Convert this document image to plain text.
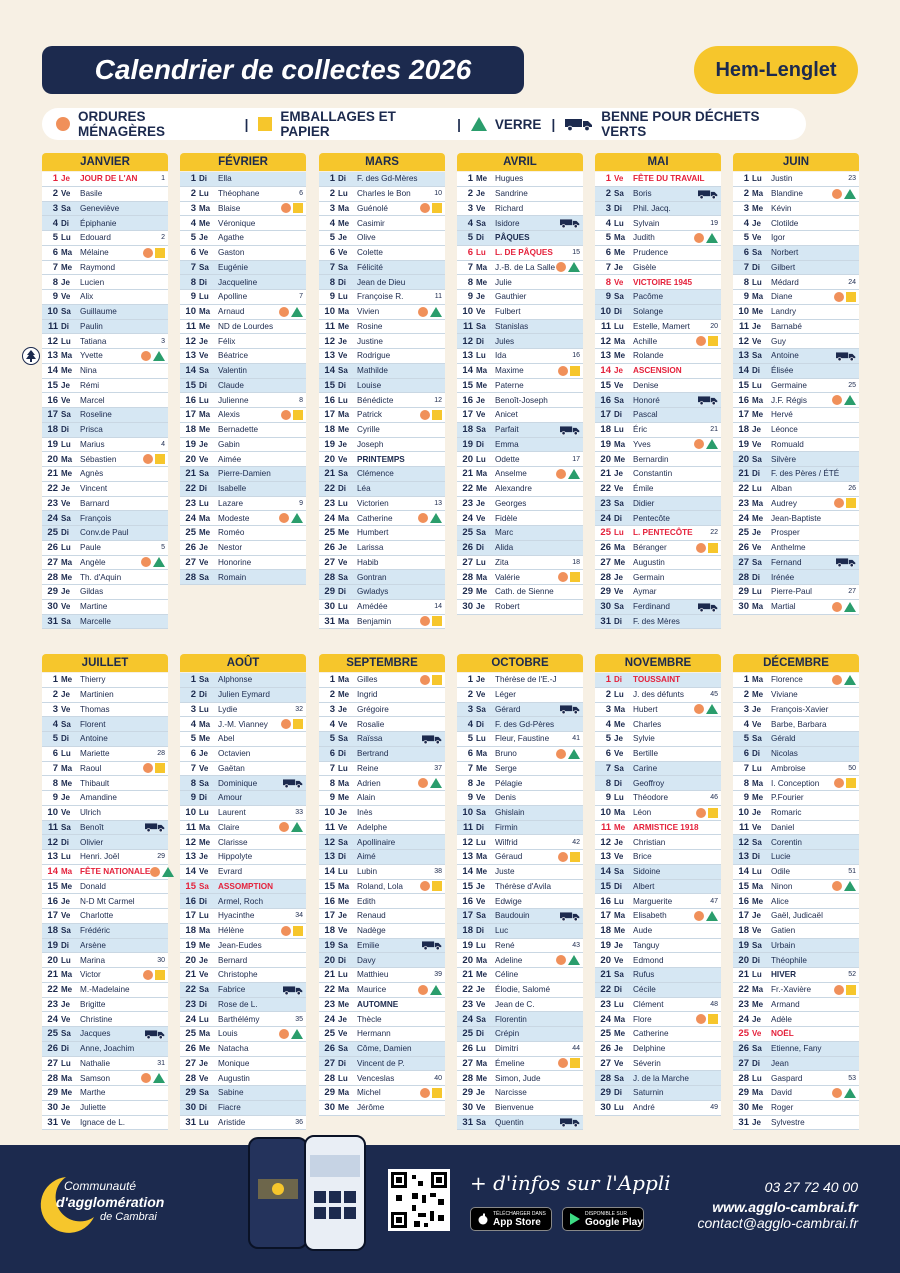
Calendrier de collectes 2026	Hem-Lenglet
ORDURES MÉNAGÈRES	| EMBALLAGES ET PAPIER	|	VERRE |	BENNE POUR DÉCHETS VERTS
JANVIER
1 Je	JOUR DE L'AN	1
2 Ve	Basile
3 Sa	Geneviève
4 Di	Épiphanie
5 Lu	Edouard	2
6 Ma Mélaine
7 Me Raymond
8 Je	Lucien
9 Ve	Alix
10 Sa	Guillaume
11 Di	Paulin
12 Lu	Tatiana	3
13 Ma Yvette
14 Me Nina
15 Je	Rémi
16 Ve	Marcel
17 Sa	Roseline
18 Di	Prisca
19 Lu	Marius	4
20 Ma Sébastien
21 Me Agnès
22 Je	Vincent
23 Ve	Barnard
24 Sa	François
25 Di	Conv.de Paul
26 Lu	Paule	5
27 Ma Angèle
28 Me Th. d'Aquin
29 Je	Gildas
30 Ve	Martine
31 Sa	Marcelle
FÉVRIER
1 Di	Ella
2 Lu	Théophane	6
3 Ma Blaise
4 Me Véronique
5 Je	Agathe
6 Ve	Gaston
7 Sa	Eugénie
8 Di	Jacqueline
9 Lu	Apolline	7
10 Ma Arnaud
11 Me ND de Lourdes
12 Je	Félix
13 Ve	Béatrice
14 Sa	Valentin
15 Di	Claude
16 Lu	Julienne	8
17 Ma Alexis
18 Me Bernadette
19 Je	Gabin
20 Ve	Aimée
21 Sa	Pierre-Damien
22 Di	Isabelle
23 Lu	Lazare	9
24 Ma Modeste
25 Me Roméo
26 Je	Nestor
27 Ve	Honorine
28 Sa	Romain
MARS
1 Di	F. des Gd-Mères
2 Lu	Charles le Bon	10
3 Ma Guénolé
4 Me Casimir
5 Je	Olive
6 Ve	Colette
7 Sa	Félicité
8 Di	Jean de Dieu
9 Lu	Françoise R.	11
10 Ma Vivien
11 Me Rosine
12 Je	Justine
13 Ve	Rodrigue
14 Sa	Mathilde
15 Di	Louise
16 Lu	Bénédicte	12
17 Ma Patrick
18 Me Cyrille
19 Je	Joseph
20 Ve	PRINTEMPS
21 Sa	Clémence
22 Di	Léa
23 Lu	Victorien	13
24 Ma Catherine
25 Me Humbert
26 Je	Larissa
27 Ve	Habib
28 Sa	Gontran
29 Di	Gwladys
30 Lu	Amédée	14
31 Ma Benjamin
AVRIL
1 Me Hugues
2 Je	Sandrine
3 Ve	Richard
4 Sa	Isidore
5 Di	PÂQUES
6 Lu	L. DE PÂQUES	15
7 Ma J.-B. de La Salle
8 Me Julie
9 Je	Gauthier
10 Ve	Fulbert
11 Sa	Stanislas
12 Di	Jules
13 Lu	Ida	16
14 Ma Maxime
15 Me Paterne
16 Je	Benoît-Joseph
17 Ve	Anicet
18 Sa	Parfait
19 Di	Emma
20 Lu	Odette	17
21 Ma Anselme
22 Me Alexandre
23 Je	Georges
24 Ve	Fidèle
25 Sa	Marc
26 Di	Alida
27 Lu	Zita	18
28 Ma Valérie
29 Me Cath. de Sienne
30 Je	Robert
MAI
1 Ve	FÊTE DU TRAVAIL
2 Sa	Boris
3 Di	Phil. Jacq.
4 Lu	Sylvain	19
5 Ma Judith
6 Me Prudence
7 Je	Gisèle
8 Ve	VICTOIRE 1945
9 Sa	Pacôme
10 Di	Solange
11 Lu	Estelle, Mamert	20
12 Ma Achille
13 Me Rolande
14 Je	ASCENSION
15 Ve	Denise
16 Sa	Honoré
17 Di	Pascal
18 Lu	Éric	21
19 Ma Yves
20 Me Bernardin
21 Je	Constantin
22 Ve	Émile
23 Sa	Didier
24 Di	Pentecôte
25 Lu	L. PENTECÔTE	22
26 Ma Béranger
27 Me Augustin
28 Je	Germain
29 Ve	Aymar
30 Sa	Ferdinand
31 Di	F. des Mères
JUIN
1 Lu	Justin	23
2 Ma Blandine
3 Me Kévin
4 Je	Clotilde
5 Ve	Igor
6 Sa	Norbert
7 Di	Gilbert
8 Lu	Médard	24
9 Ma Diane
10 Me Landry
11 Je	Barnabé
12 Ve	Guy
13 Sa	Antoine
14 Di	Élisée
15 Lu	Germaine	25
16 Ma J.F. Régis
17 Me Hervé
18 Je	Léonce
19 Ve	Romuald
20 Sa	Silvère
21 Di	F. des Pères / ÉTÉ
22 Lu	Alban	26
23 Ma Audrey
24 Me Jean-Baptiste
25 Je	Prosper
26 Ve	Anthelme
27 Sa	Fernand
28 Di	Irénée
29 Lu	Pierre-Paul	27
30 Ma Martial
JUILLET
1 Me Thierry
2 Je	Martinien
3 Ve	Thomas
4 Sa	Florent
5 Di	Antoine
6 Lu	Mariette	28
7 Ma Raoul
8 Me Thibault
9 Je	Amandine
10 Ve	Ulrich
11 Sa	Benoît
12 Di	Olivier
13 Lu	Henri. Joël	29
14 Ma FÊTE NATIONALE
15 Me Donald
16 Je	N-D Mt Carmel
17 Ve	Charlotte
18 Sa	Frédéric
19 Di	Arsène
20 Lu	Marina	30
21 Ma Victor
22 Me M.-Madelaine
23 Je	Brigitte
24 Ve	Christine
25 Sa	Jacques
26 Di	Anne, Joachim
27 Lu	Nathalie	31
28 Ma Samson
29 Me Marthe
30 Je	Juliette
31 Ve	Ignace de L.
AOÛT
1 Sa	Alphonse
2 Di	Julien Eymard
3 Lu	Lydie	32
4 Ma J.-M. Vianney
5 Me Abel
6 Je	Octavien
7 Ve	Gaëtan
8 Sa	Dominique
9 Di	Amour
10 Lu	Laurent	33
11 Ma Claire
12 Me Clarisse
13 Je	Hippolyte
14 Ve	Evrard
15 Sa	ASSOMPTION
16 Di	Armel, Roch
17 Lu	Hyacinthe	34
18 Ma Hélène
19 Me Jean-Eudes
20 Je	Bernard
21 Ve	Christophe
22 Sa	Fabrice
23 Di	Rose de L.
24 Lu	Barthélémy	35
25 Ma Louis
26 Me Natacha
27 Je	Monique
28 Ve	Augustin
29 Sa	Sabine
30 Di	Fiacre
31 Lu	Aristide	36
SEPTEMBRE
1 Ma Gilles
2 Me Ingrid
3 Je	Grégoire
4 Ve	Rosalie
5 Sa	Raïssa
6 Di	Bertrand
7 Lu	Reine	37
8 Ma Adrien
9 Me Alain
10 Je	Inès
11 Ve	Adelphe
12 Sa	Apollinaire
13 Di	Aimé
14 Lu	Lubin	38
15 Ma Roland, Lola
16 Me Edith
17 Je	Renaud
18 Ve	Nadège
19 Sa	Emilie
20 Di	Davy
21 Lu	Matthieu	39
22 Ma Maurice
23 Me AUTOMNE
24 Je	Thècle
25 Ve	Hermann
26 Sa	Côme, Damien
27 Di	Vincent de P.
28 Lu	Venceslas	40
29 Ma Michel
30 Me Jérôme
OCTOBRE
1 Je	Thérèse de l'E.-J
2 Ve	Léger
3 Sa	Gérard
4 Di	F. des Gd-Pères
5 Lu	Fleur, Faustine	41
6 Ma Bruno
7 Me Serge
8 Je	Pélagie
9 Ve	Denis
10 Sa	Ghislain
11 Di	Firmin
12 Lu	Wilfrid	42
13 Ma Géraud
14 Me Juste
15 Je	Thérèse d'Avila
16 Ve	Edwige
17 Sa	Baudouin
18 Di	Luc
19 Lu	René	43
20 Ma Adeline
21 Me Céline
22 Je	Élodie, Salomé
23 Ve	Jean de C.
24 Sa	Florentin
25 Di	Crépin
26 Lu	Dimitri	44
27 Ma Émeline
28 Me Simon, Jude
29 Je	Narcisse
30 Ve	Bienvenue
31 Sa	Quentin
NOVEMBRE
1 Di	TOUSSAINT
2 Lu	J. des défunts	45
3 Ma Hubert
4 Me Charles
5 Je	Sylvie
6 Ve	Bertille
7 Sa	Carine
8 Di	Geoffroy
9 Lu	Théodore	46
10 Ma Léon
11 Me ARMISTICE 1918
12 Je	Christian
13 Ve	Brice
14 Sa	Sidoine
15 Di	Albert
16 Lu	Marguerite	47
17 Ma Elisabeth
18 Me Aude
19 Je	Tanguy
20 Ve	Edmond
21 Sa	Rufus
22 Di	Cécile
23 Lu	Clément	48
24 Ma Flore
25 Me Catherine
26 Je	Delphine
27 Ve	Séverin
28 Sa	J. de la Marche
29 Di	Saturnin
30 Lu	André	49
DÉCEMBRE
1 Ma Florence
2 Me Viviane
3 Je	François-Xavier
4 Ve	Barbe, Barbara
5 Sa	Gérald
6 Di	Nicolas
7 Lu	Ambroise	50
8 Ma I. Conception
9 Me P.Fourier
10 Je	Romaric
11 Ve	Daniel
12 Sa	Corentin
13 Di	Lucie
14 Lu	Odile	51
15 Ma Ninon
16 Me Alice
17 Je	Gaël, Judicaël
18 Ve	Gatien
19 Sa	Urbain
20 Di	Théophile
21 Lu	HIVER	52
22 Ma Fr.-Xavière
23 Me Armand
24 Je	Adèle
25 Ve	NOËL
26 Sa	Etienne, Fany
27 Di	Jean
28 Lu	Gaspard	53
29 Ma David
30 Me Roger
31 Je	Sylvestre
Communauté
d'agglomération
de Cambrai
+ d'infos sur l'Appli
TÉLÉCHARGER DANS
App Store
DISPONIBLE SUR
Google Play
03 27 72 40 00
www.agglo-cambrai.fr
contact@agglo-cambrai.fr
